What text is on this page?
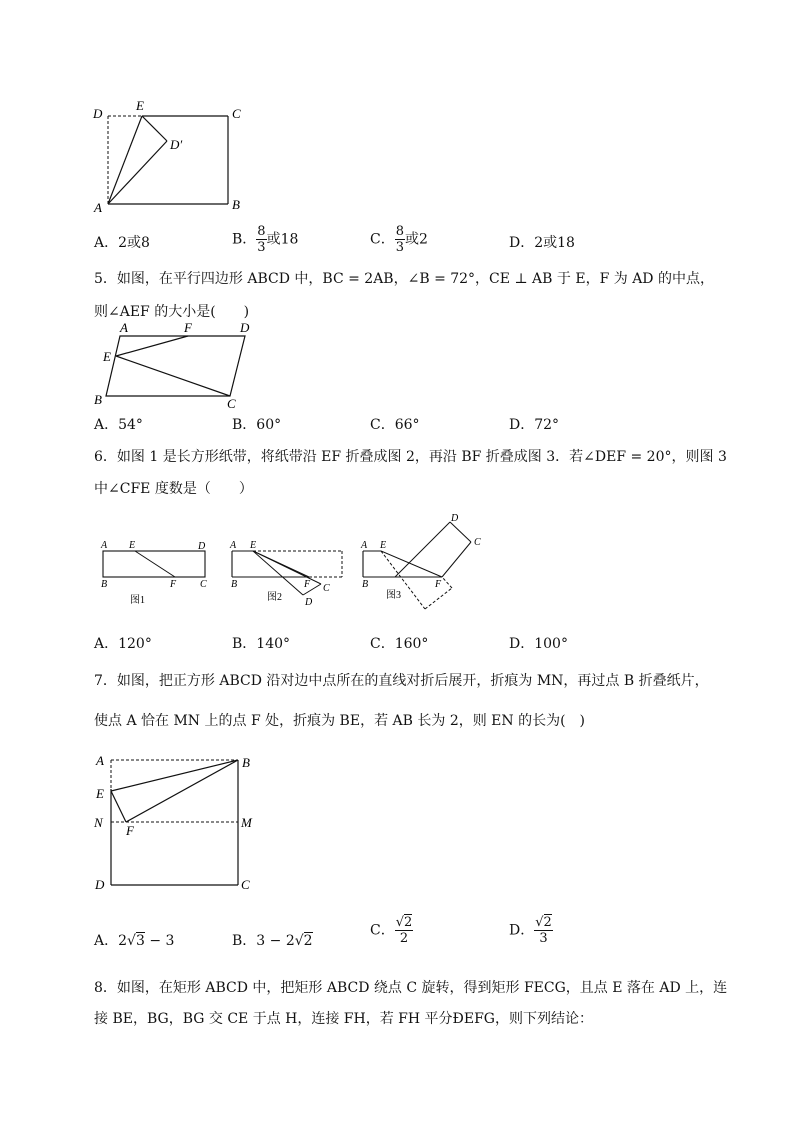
D
E
C
D′
A	B
A．2或8	B． $\frac{8}{3}$ 或18	C． $\frac{8}{3}$ 或2	D．2或18
5．如图，在平行四边形 ABCD 中，BC = 2AB，∠B = 72°，CE ⊥ AB 于 E，F 为 AD 的中点，
则∠AEF 的大小是(　　)
A	F	D
E
B	C
A．54°	B．60°	C．66°	D．72°
6．如图 1 是长方形纸带，将纸带沿 EF 折叠成图 2，再沿 BF 折叠成图 3．若∠DEF = 20°，则图 3
中∠CFE 度数是（　　）
A E	D
B	F C
图1
A E
B	F C
D
图2
A E
D
C
B	F
图3
A．120°	B．140°	C．160°	D．100°
7．如图，把正方形 ABCD 沿对边中点所在的直线对折后展开，折痕为 MN，再过点 B 折叠纸片，
使点 A 恰在 MN 上的点 F 处，折痕为 BE，若 AB 长为 2，则 EN 的长为(　)
A	B
E
N
F
M
D	C
A．2√3 − 3	B．3 − 2√2
C． $\frac{√2}{2}$	D． $\frac{√2}{3}$
8．如图，在矩形 ABCD 中，把矩形 ABCD 绕点 C 旋转，得到矩形 FECG，且点 E 落在 AD 上，连
接 BE，BG，BG 交 CE 于点 H，连接 FH，若 FH 平分ÐEFG，则下列结论：
